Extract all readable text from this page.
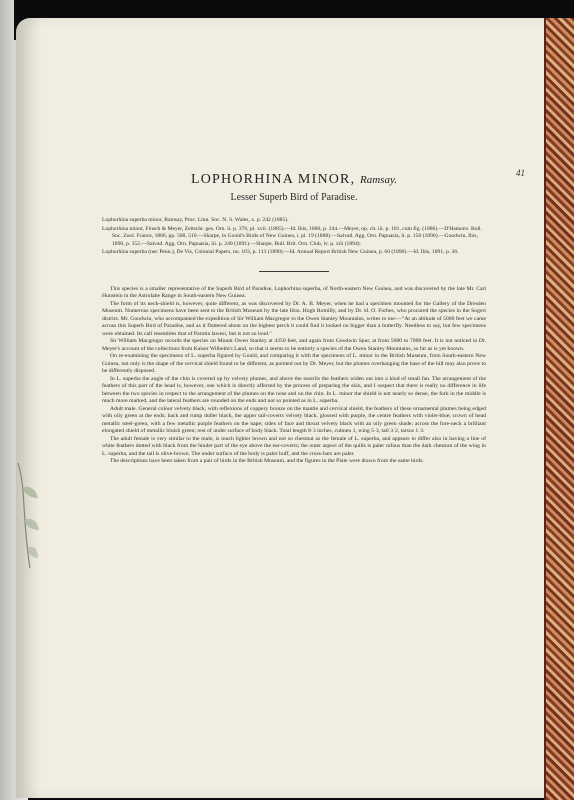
41
LOPHORHINA MINOR, Ramsay.
Lesser Superb Bird of Paradise.

Lophorhina superba minor, Ramsay, Proc. Linn. Soc. N. S. Wales, x. p. 242 (1885).

Lophorhina minor, Finsch & Meyer, Zeitschr. ges. Orn. ii. p. 376, pl. xvii. (1885).—Id. Ibis, 1886, p. 244.—Meyer, op. cit. iii. p. 181, cum fig. (1886).—D'Hamonv. Bull. Soc. Zool. France, 1886, pp. 508, 510.—Sharpe, in Gould's Birds of New Guinea, i. pl. 19 (1888).—Salvad. Agg. Orn. Papuasia, ii. p. 150 (1890).—Goodwin, Ibis, 1890, p. 152.—Salvad. Agg. Orn. Papuasia, iii. p. 240 (1891).—Sharpe, Bull. Brit. Orn. Club, iv. p. xiii (1894).

Lophorhina superba (nec Penn.), De Vis, Colonial Papers, no. 103, p. 113 (1890).—Id. Annual Report British New Guinea, p. 60 (1890).—Id. Ibis, 1891, p. 36.

This species is a smaller representative of the Superb Bird of Paradise, Lophorhina superba, of North-eastern New Guinea, and was discovered by the late Mr. Carl Hunstein in the Astrolabe Range in South-eastern New Guinea.

The form of its neck-shield is, however, quite different, as was discovered by Dr. A. B. Meyer, when he had a specimen mounted for the Gallery of the Dresden Museum. Numerous specimens have been sent to the British Museum by the late Hon. Hugh Romilly, and by Dr. H. O. Forbes, who procured the species in the Sogeri district. Mr. Goodwin, who accompanied the expedition of Sir William Macgregor to the Owen Stanley Mountains, writes to me:—"At an altitude of 5000 feet we came across this Superb Bird of Paradise, and as it fluttered about on the highest perch it could find it looked no bigger than a butterfly. Needless to say, but few specimens were obtained. Its call resembles that of Parotia lawesi, but is not so loud."

Sir William Macgregor records the species on Mount Owen Stanley at 4350 feet, and again from Goodwin Spur, at from 5000 to 7000 feet. It is not noticed in Dr. Meyer's account of the collections from Kaiser Wilhelm's Land, so that it seems to be entirely a species of the Owen Stanley Mountains, so far as is yet known.

On re-examining the specimens of L. superba figured by Gould, and comparing it with the specimens of L. minor in the British Museum, from South-eastern New Guinea, not only is the shape of the cervical shield found to be different, as pointed out by Dr. Meyer, but the plumes overhanging the base of the bill may also prove to be differently disposed.

In L. superba the angle of the chin is covered up by velvety plumes, and above the nostrils the feathers widen out into a kind of small fan. The arrangement of the feathers of this part of the head is, however, one which is directly affected by the process of preparing the skin, and I suspect that there is really no difference in life between the two species in respect to the arrangement of the plumes on the nose and on the chin. In L. minor the shield is not nearly so dense, the fork in the middle is much more marked, and the lateral feathers are rounded on the ends and not so pointed as in L. superba.

Adult male. General colour velvety black, with reflexions of coppery bronze on the mantle and cervical shield, the feathers of these ornamental plumes being edged with oily green at the ends; back and rump duller black, the upper tail-coverts velvety black, glossed with purple, the centre feathers with violet-blue; crown of head metallic steel-green, with a few metallic purple feathers on the nape; sides of face and throat velvety black with an oily green shade; across the fore-neck a brilliant elongated shield of metallic bluish green; rest of under surface of body black. Total length 8·3 inches, culmen 1, wing 5·3, tail 3·2, tarsus 1·3.

The adult female is very similar to the male, is much lighter brown and not so chestnut as the female of L. superba, and appears to differ also in having a line of white feathers dotted with black from the hinder part of the eye above the ear-coverts; the outer aspect of the quills is paler rufous than the dark chestnut of the wing in L. superba, and the tail is olive-brown. The under surface of the body is paler buff, and the cross-bars are paler.

The descriptions have been taken from a pair of birds in the British Museum, and the figures in the Plate were drawn from the same birds.
